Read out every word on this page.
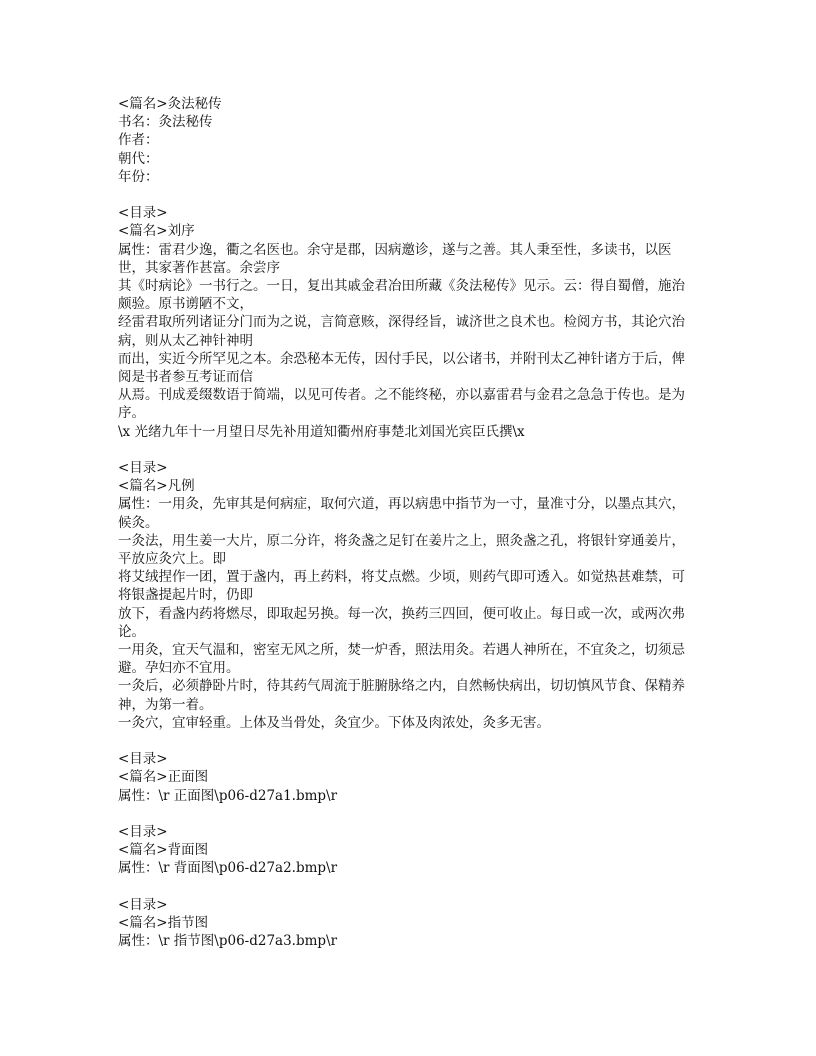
<篇名>灸法秘传
书名：灸法秘传
作者：
朝代：
年份：
<目录>
<篇名>刘序
属性：雷君少逸，衢之名医也。余守是郡，因病邀诊，遂与之善。其人秉至性，多读书，以医世，其家著作甚富。余尝序
其《时病论》一书行之。一日，复出其戚金君冶田所藏《灸法秘传》见示。云：得自蜀僧，施治颇验。原书谫陋不文，
经雷君取所列诸证分门而为之说，言简意赅，深得经旨，诚济世之良术也。检阅方书，其论穴治病，则从太乙神针神明
而出，实近今所罕见之本。余恐秘本无传，因付手民，以公诸书，并附刊太乙神针诸方于后，俾阅是书者参互考证而信
从焉。刊成爰缀数语于简端，以见可传者。之不能终秘，亦以嘉雷君与金君之急急于传也。是为序。
\x 光绪九年十一月望日尽先补用道知衢州府事楚北刘国光宾臣氏撰\x
<目录>
<篇名>凡例
属性：一用灸，先审其是何病症，取何穴道，再以病患中指节为一寸，量准寸分，以墨点其穴，候灸。
一灸法，用生姜一大片，原二分许，将灸盏之足钉在姜片之上，照灸盏之孔，将银针穿通姜片，平放应灸穴上。即
将艾绒捏作一团，置于盏内，再上药料，将艾点燃。少顷，则药气即可透入。如觉热甚难禁，可将银盏提起片时，仍即
放下，看盏内药将燃尽，即取起另换。每一次，换药三四回，便可收止。每日或一次，或两次弗论。
一用灸，宜天气温和，密室无风之所，焚一炉香，照法用灸。若遇人神所在，不宜灸之，切须忌避。孕妇亦不宜用。
一灸后，必须静卧片时，待其药气周流于脏腑脉络之内，自然畅快病出，切切慎风节食、保精养神，为第一着。
一灸穴，宜审轻重。上体及当骨处，灸宜少。下体及肉浓处，灸多无害。
<目录>
<篇名>正面图
属性：\r 正面图\p06-d27a1.bmp\r
<目录>
<篇名>背面图
属性：\r 背面图\p06-d27a2.bmp\r
<目录>
<篇名>指节图
属性：\r 指节图\p06-d27a3.bmp\r
